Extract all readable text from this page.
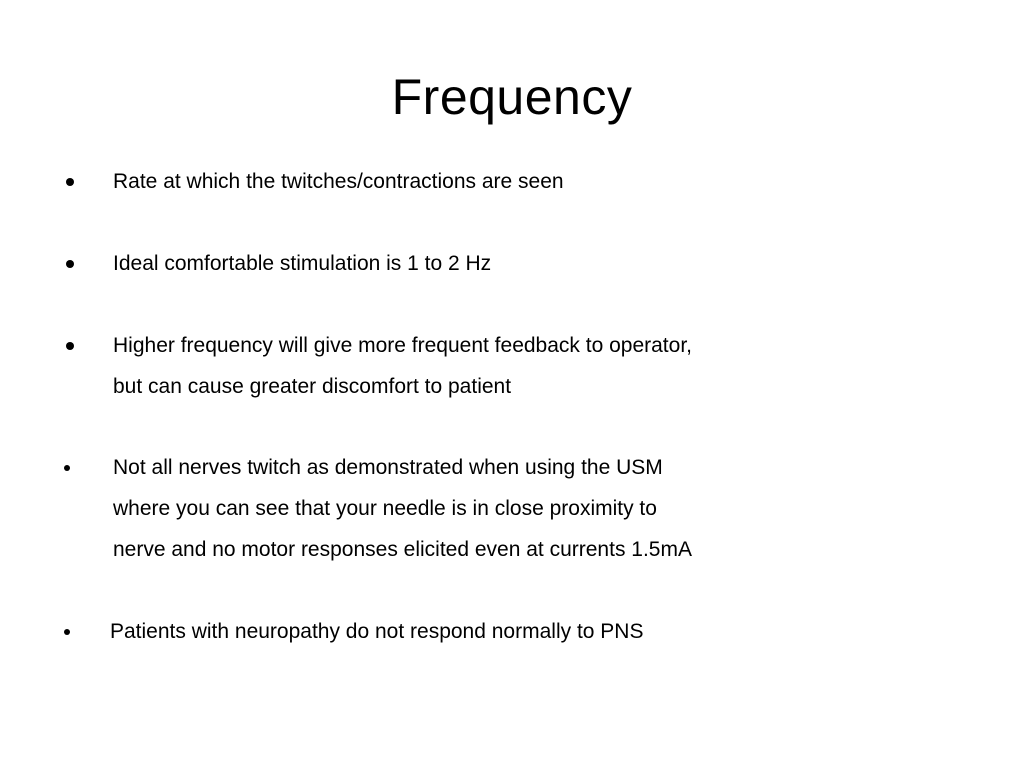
Frequency
Rate at which the twitches/contractions are seen
Ideal comfortable stimulation is 1 to 2 Hz
Higher frequency will give more frequent feedback to operator,
but can cause greater discomfort to patient
Not all nerves twitch as demonstrated when using the USM
where you can see that your needle is in close proximity to
nerve and no motor responses elicited even at currents 1.5mA
Patients with neuropathy do not respond normally to PNS
